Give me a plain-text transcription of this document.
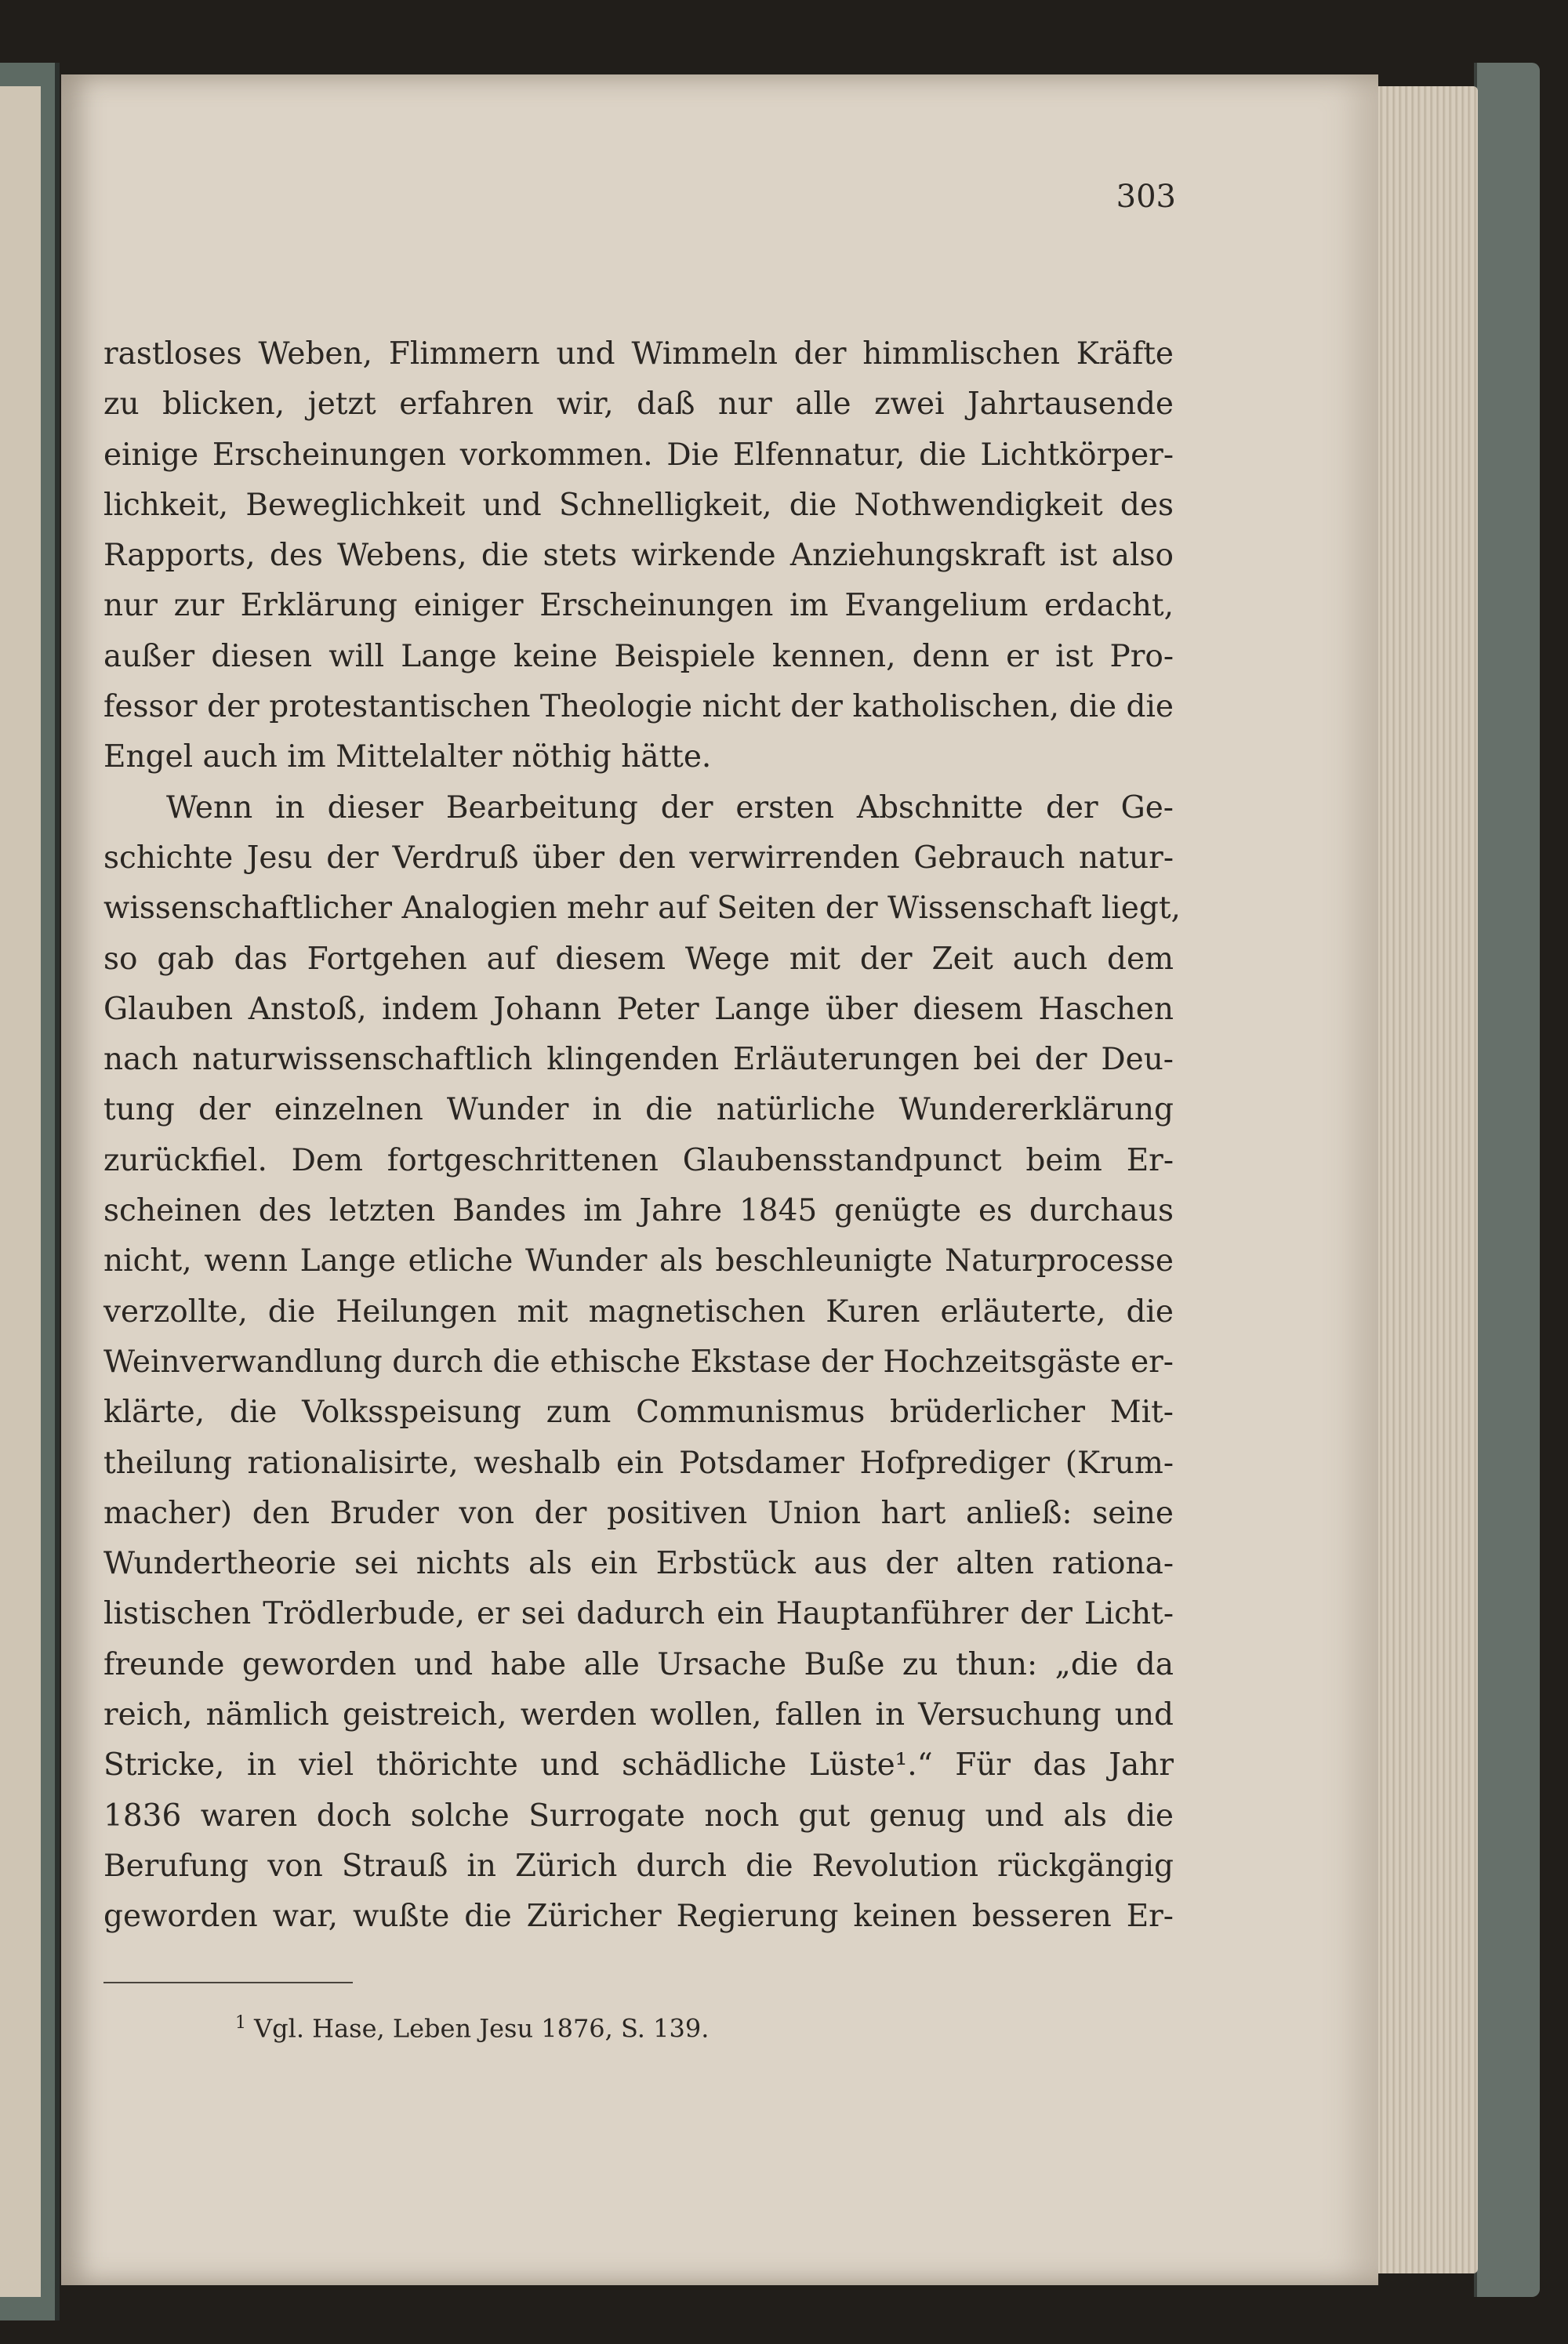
303
rastloses Weben, Flimmern und Wimmeln der himmlischen Kräfte
zu blicken, jetzt erfahren wir, daß nur alle zwei Jahrtausende
einige Erscheinungen vorkommen. Die Elfennatur, die Lichtkörper-
lichkeit, Beweglichkeit und Schnelligkeit, die Nothwendigkeit des
Rapports, des Webens, die stets wirkende Anziehungskraft ist also
nur zur Erklärung einiger Erscheinungen im Evangelium erdacht,
außer diesen will Lange keine Beispiele kennen, denn er ist Pro-
fessor der protestantischen Theologie nicht der katholischen, die die
Engel auch im Mittelalter nöthig hätte.
Wenn in dieser Bearbeitung der ersten Abschnitte der Ge-
schichte Jesu der Verdruß über den verwirrenden Gebrauch natur-
wissenschaftlicher Analogien mehr auf Seiten der Wissenschaft liegt,
so gab das Fortgehen auf diesem Wege mit der Zeit auch dem
Glauben Anstoß, indem Johann Peter Lange über diesem Haschen
nach naturwissenschaftlich klingenden Erläuterungen bei der Deu-
tung der einzelnen Wunder in die natürliche Wundererklärung
zurückfiel. Dem fortgeschrittenen Glaubensstandpunct beim Er-
scheinen des letzten Bandes im Jahre 1845 genügte es durchaus
nicht, wenn Lange etliche Wunder als beschleunigte Naturprocesse
verzollte, die Heilungen mit magnetischen Kuren erläuterte, die
Weinverwandlung durch die ethische Ekstase der Hochzeitsgäste er-
klärte, die Volksspeisung zum Communismus brüderlicher Mit-
theilung rationalisirte, weshalb ein Potsdamer Hofprediger (Krum-
macher) den Bruder von der positiven Union hart anließ: seine
Wundertheorie sei nichts als ein Erbstück aus der alten rationa-
listischen Trödlerbude, er sei dadurch ein Hauptanführer der Licht-
freunde geworden und habe alle Ursache Buße zu thun: „die da
reich, nämlich geistreich, werden wollen, fallen in Versuchung und
Stricke, in viel thörichte und schädliche Lüste¹.“ Für das Jahr
1836 waren doch solche Surrogate noch gut genug und als die
Berufung von Strauß in Zürich durch die Revolution rückgängig
geworden war, wußte die Züricher Regierung keinen besseren Er-
$^1$ Vgl. Hase, Leben Jesu 1876, S. 139.
